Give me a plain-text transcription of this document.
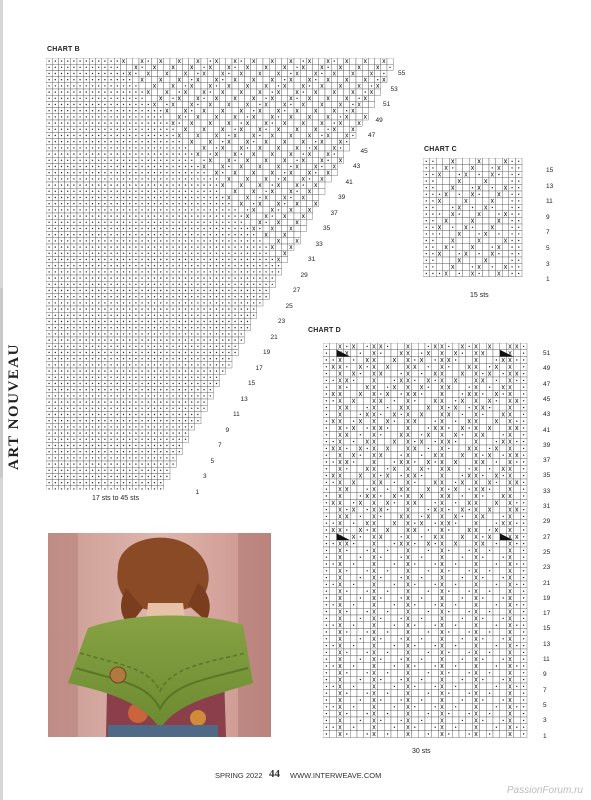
ART NOUVEAU
CHART B
55
53
51
49
47
45
43
41
39
37
35
33
31
29
27
25
23
21
19
17
15
13
11
9
7
5
3
1
17 sts to 45 sts
CHART C
15
13
11
9
7
5
3
1
15 sts
CHART D
51
49
47
45
43
41
39
37
35
33
31
29
27
25
23
21
19
17
15
13
11
9
7
5
3
1
30 sts
SPRING 2022 44 WWW.INTERWEAVE.COM
PassionForum.ru
